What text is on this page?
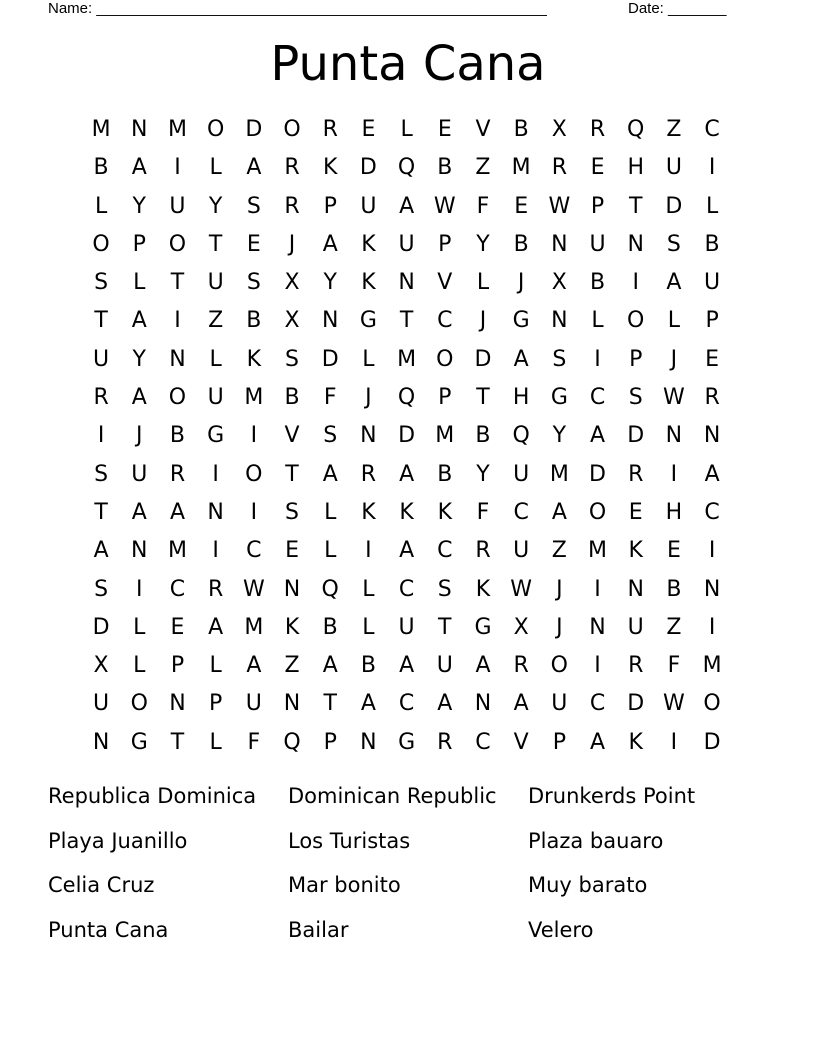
Name: ______________________________________________________	Date: _______
Punta Cana
M N M O D O R	E	L	E	V	B	X	R Q Z	C
B	A	I	L	A	R	K	D Q B	Z M R	E	H U	I
L	Y	U	Y	S	R	P	U	A W F	E W P	T	D	L
O	P	O	T	E	J	A	K	U	P	Y	B	N U N	S	B
S	L	T	U	S	X	Y	K	N	V	L	J	X	B	I	A	U
T	A	I	Z	B	X	N G	T	C	J	G N	L	O	L	P
U	Y	N	L	K	S	D	L	M O D	A	S	I	P	J	E
R	A O U M B	F	J	Q	P	T	H G C	S W R
I	J	B	G	I	V	S	N D M B Q	Y	A	D N N
S	U	R	I	O	T	A	R	A	B	Y	U M D	R	I	A
T	A	A	N	I	S	L	K	K	K	F	C	A O	E	H	C
A	N M	I	C	E	L	I	A	C	R	U	Z M K	E	I
S	I	C	R W N Q	L	C	S	K W	J	I	N	B	N
D	L	E	A M K	B	L	U	T	G	X	J	N U	Z	I
X	L	P	L	A	Z	A	B	A	U	A	R O	I	R	F	M
U O N	P	U N	T	A	C	A	N	A	U	C	D W O
N G	T	L	F	Q	P	N G	R	C	V	P	A	K	I	D
Republica Dominica	Dominican Republic	Drunkerds Point
Playa Juanillo	Los Turistas	Plaza bauaro
Celia Cruz	Mar bonito	Muy barato
Punta Cana	Bailar	Velero
